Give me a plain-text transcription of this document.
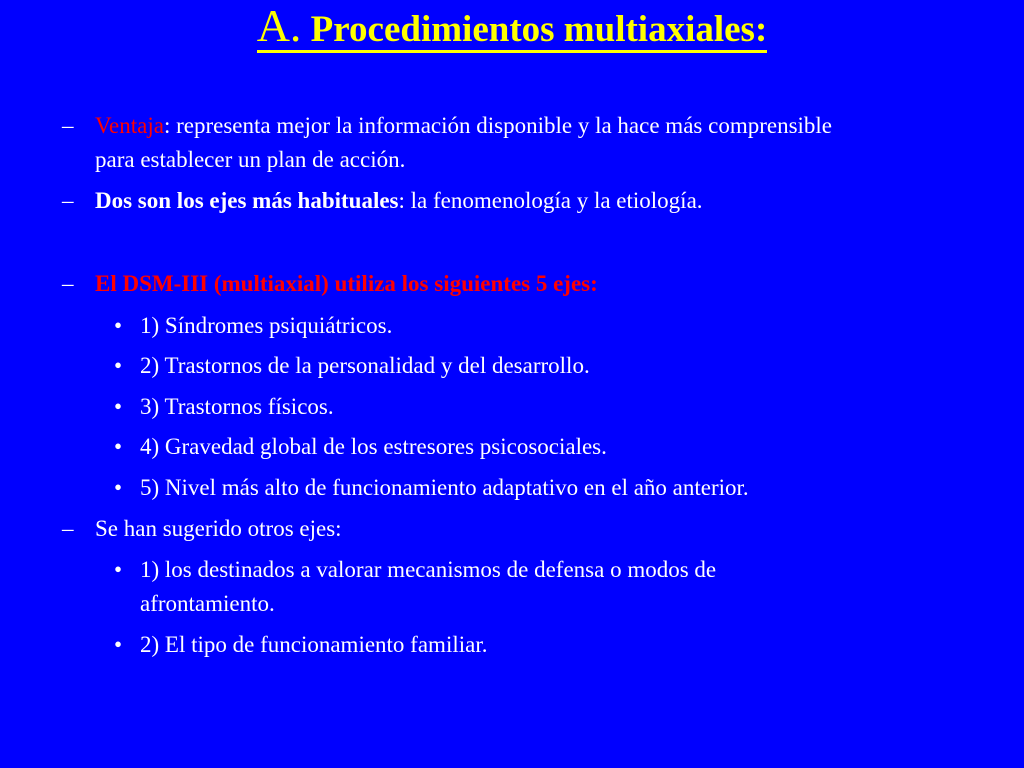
A. Procedimientos multiaxiales:
– Ventaja: representa mejor la información disponible y la hace más comprensible
para establecer un plan de acción.
– Dos son los ejes más habituales: la fenomenología y la etiología.
– El DSM-III (multiaxial) utiliza los siguientes 5 ejes:
• 1) Síndromes psiquiátricos.
• 2) Trastornos de la personalidad y del desarrollo.
• 3) Trastornos físicos.
• 4) Gravedad global de los estresores psicosociales.
• 5) Nivel más alto de funcionamiento adaptativo en el año anterior.
– Se han sugerido otros ejes:
• 1) los destinados a valorar mecanismos de defensa o modos de
afrontamiento.
• 2) El tipo de funcionamiento familiar.
